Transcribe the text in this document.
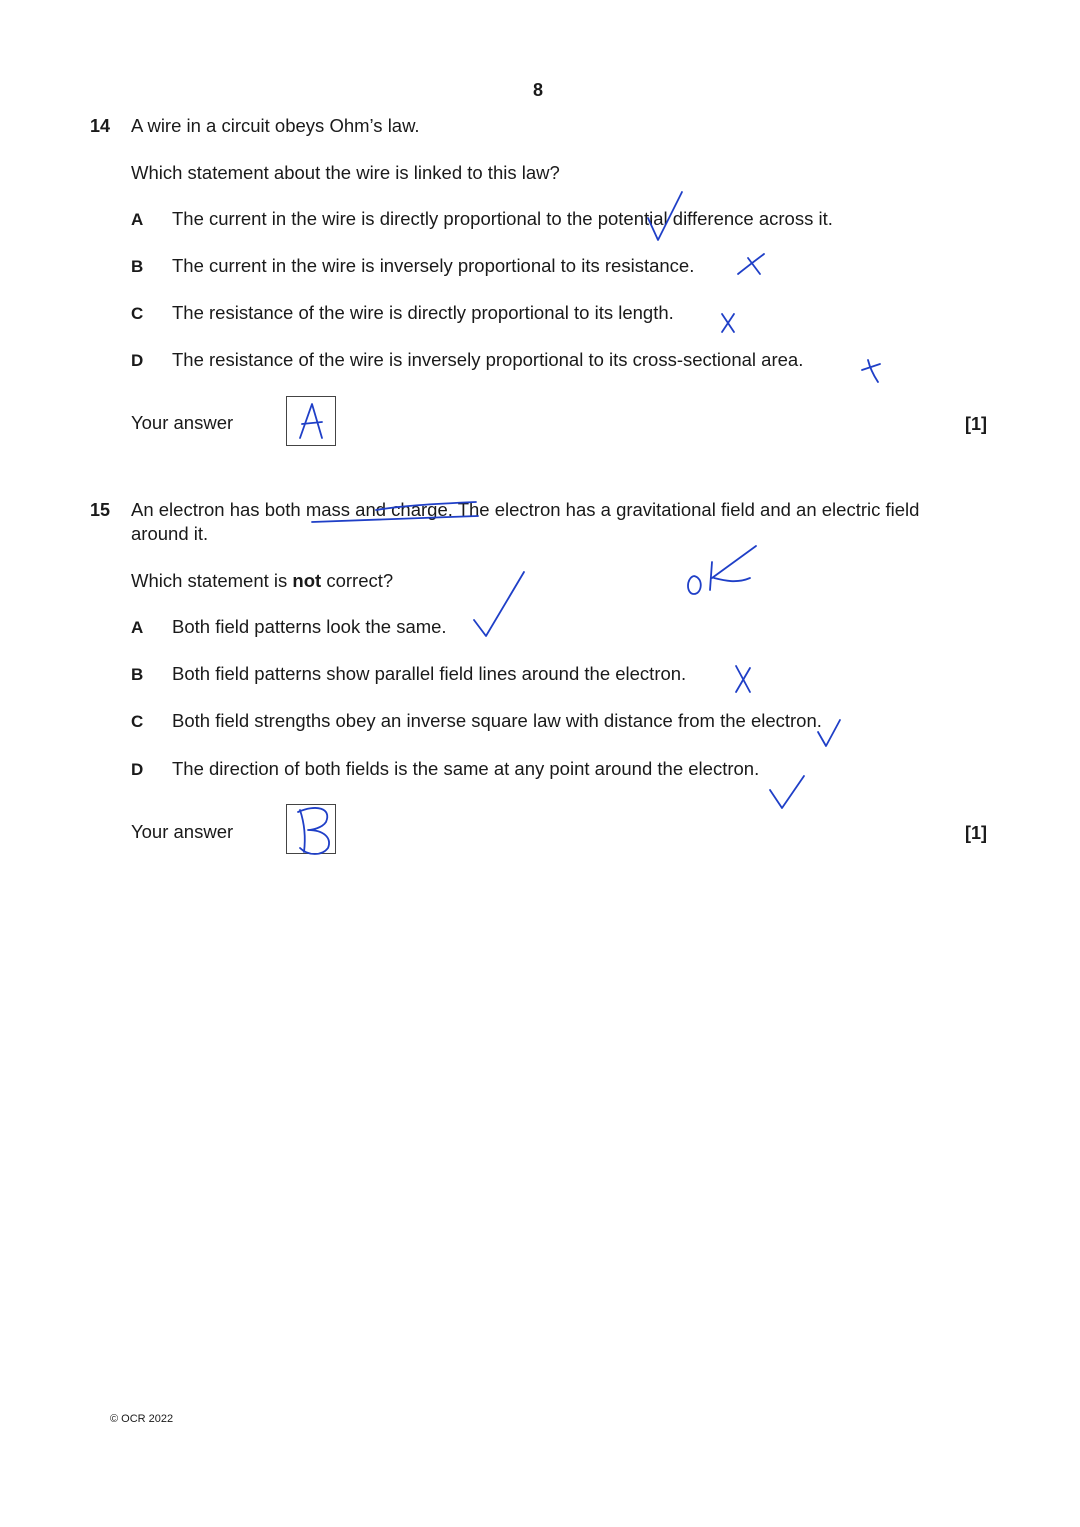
8
14 A wire in a circuit obeys Ohm’s law.
Which statement about the wire is linked to this law?
A The current in the wire is directly proportional to the potential difference across it.
B The current in the wire is inversely proportional to its resistance.
C The resistance of the wire is directly proportional to its length.
D The resistance of the wire is inversely proportional to its cross-sectional area.
Your answer	[1]
15 An electron has both mass and charge. The electron has a gravitational field and an electric field
around it.
Which statement is not correct?
A Both field patterns look the same.
B Both field patterns show parallel field lines around the electron.
C Both field strengths obey an inverse square law with distance from the electron.
D The direction of both fields is the same at any point around the electron.
Your answer	[1]
© OCR 2022
